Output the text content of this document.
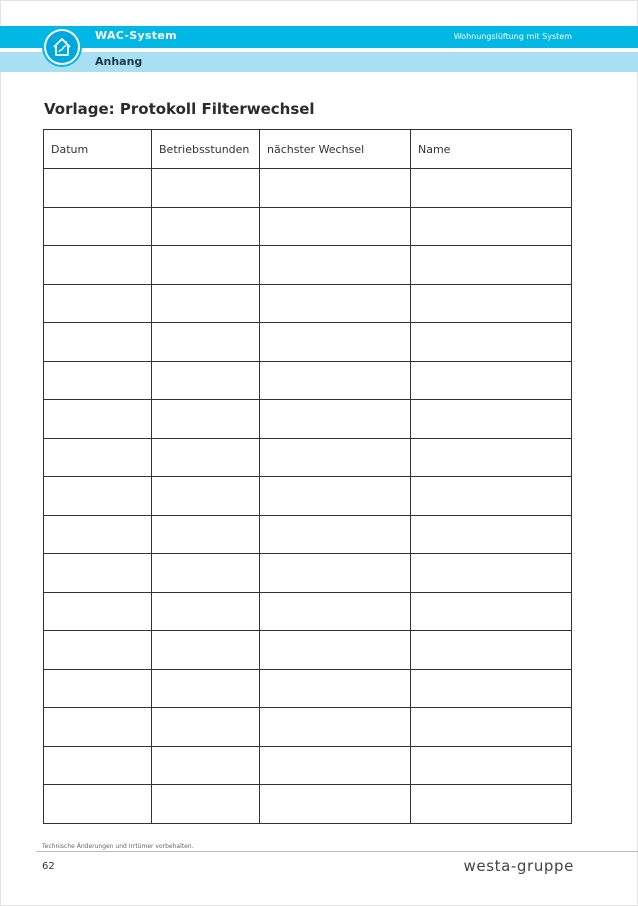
WAC-System	Wohnungslüftung mit System
Anhang
Vorlage: Protokoll Filterwechsel
Datum	Betriebsstunden	nächster Wechsel	Name

Technische Änderungen und Irrtümer vorbehalten.
62	westa-gruppe
